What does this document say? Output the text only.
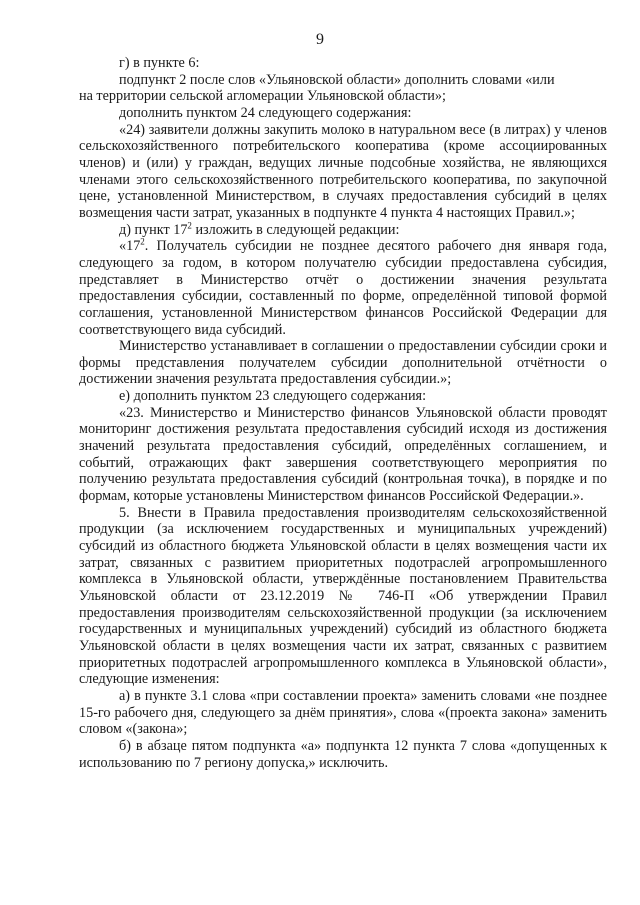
9

г) в пункте 6:

подпункт 2 после слов «Ульяновской области» дополнить словами «или

на территории сельской агломерации Ульяновской области»;

дополнить пунктом 24 следующего содержания:

«24) заявители должны закупить молоко в натуральном весе (в литрах) у членов сельскохозяйственного потребительского кооператива (кроме ассоциированных членов) и (или) у граждан, ведущих личные подсобные хозяйства, не являющихся членами этого сельскохозяйственного потребительского кооператива, по закупочной цене, установленной Министерством, в случаях предоставления субсидий в целях возмещения части затрат, указанных в подпункте 4 пункта 4 настоящих Правил.»;

д) пункт $17^2$ изложить в следующей редакции:

«$17^2$. Получатель субсидии не позднее десятого рабочего дня января года, следующего за годом, в котором получателю субсидии предоставлена субсидия, представляет в Министерство отчёт о достижении значения результата предоставления субсидии, составленный по форме, определённой типовой формой соглашения, установленной Министерством финансов Российской Федерации для соответствующего вида субсидий.

Министерство устанавливает в соглашении о предоставлении субсидии сроки и формы представления получателем субсидии дополнительной отчётности о достижении значения результата предоставления субсидии.»;

е) дополнить пунктом 23 следующего содержания:

«23. Министерство и Министерство финансов Ульяновской области проводят мониторинг достижения результата предоставления субсидий исходя из достижения значений результата предоставления субсидий, определённых соглашением, и событий, отражающих факт завершения соответствующего мероприятия по получению результата предоставления субсидий (контрольная точка), в порядке и по формам, которые установлены Министерством финансов Российской Федерации.».

5. Внести в Правила предоставления производителям сельскохозяйственной продукции (за исключением государственных и муниципальных учреждений) субсидий из областного бюджета Ульяновской области в целях возмещения части их затрат, связанных с развитием приоритетных подотраслей агропромышленного комплекса в Ульяновской области, утверждённые постановлением Правительства Ульяновской области от 23.12.2019 № 746-П «Об утверждении Правил предоставления производителям сельскохозяйственной продукции (за исключением государственных и муниципальных учреждений) субсидий из областного бюджета Ульяновской области в целях возмещения части их затрат, связанных с развитием приоритетных подотраслей агропромышленного комплекса в Ульяновской области», следующие изменения:

а) в пункте 3.1 слова «при составлении проекта» заменить словами «не позднее 15-го рабочего дня, следующего за днём принятия», слова «(проекта закона» заменить словом «(закона»;

б) в абзаце пятом подпункта «а» подпункта 12 пункта 7 слова «допущенных к использованию по 7 региону допуска,» исключить.
